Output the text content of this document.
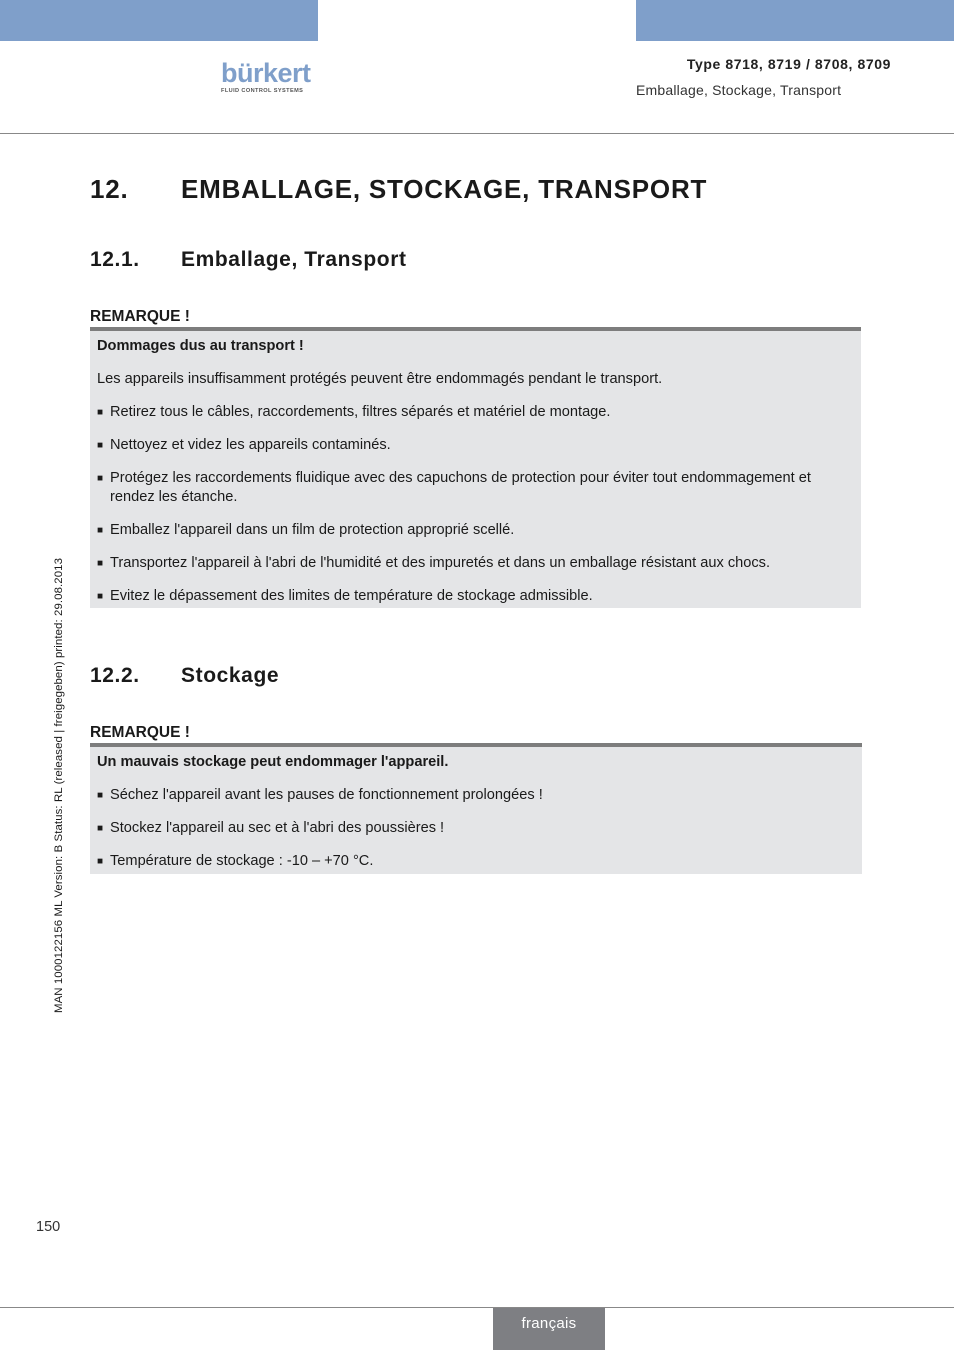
bürkert
FLUID CONTROL SYSTEMS
Type 8718, 8719 / 8708, 8709
Emballage, Stockage, Transport
12. EMBALLAGE, STOCKAGE, TRANSPORT
12.1. Emballage, Transport
REMARQUE !
Dommages dus au transport !
Les appareils insuffisamment protégés peuvent être endommagés pendant le transport.
■ Retirez tous le câbles, raccordements, filtres séparés et matériel de montage.
■ Nettoyez et videz les appareils contaminés.
■ Protégez les raccordements fluidique avec des capuchons de protection pour éviter tout endommagement et rendez les étanche.
■ Emballez l'appareil dans un film de protection approprié scellé.
■ Transportez l'appareil à l'abri de l'humidité et des impuretés et dans un emballage résistant aux chocs.
■ Evitez le dépassement des limites de température de stockage admissible.
12.2. Stockage
REMARQUE !
Un mauvais stockage peut endommager l'appareil.
■ Séchez l'appareil avant les pauses de fonctionnement prolongées !
■ Stockez l'appareil au sec et à l'abri des poussières !
■ Température de stockage : -10 – +70 °C.
MAN 1000122156 ML Version: B Status: RL (released | freigegeben) printed: 29.08.2013
150
français
